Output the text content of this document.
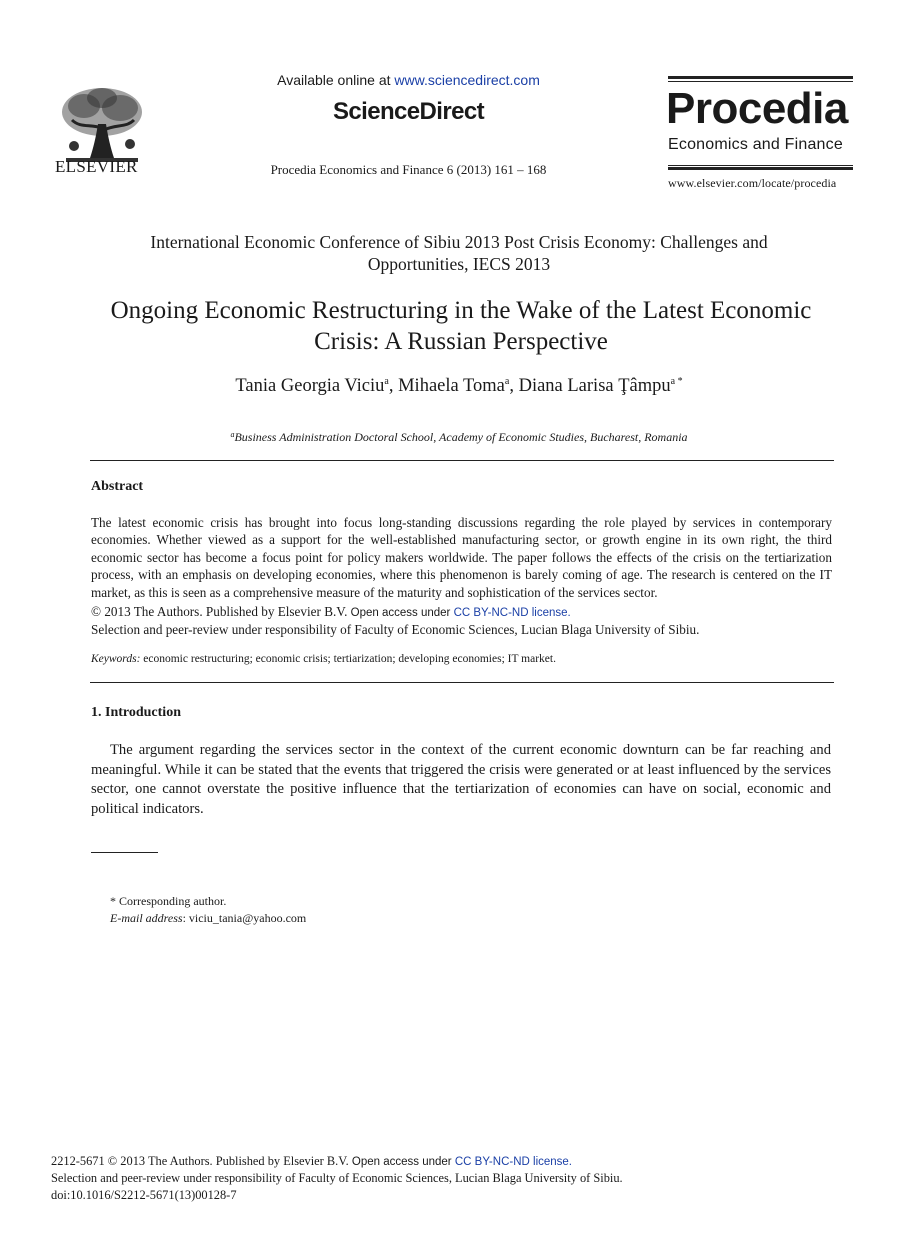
ELSEVIER
Available online at www.sciencedirect.com
ScienceDirect
Procedia Economics and Finance 6 (2013) 161 – 168
Procedia
Economics and Finance
www.elsevier.com/locate/procedia
International Economic Conference of Sibiu 2013 Post Crisis Economy: Challenges and Opportunities, IECS 2013
Ongoing Economic Restructuring in the Wake of the Latest Economic Crisis: A Russian Perspective
Tania Georgia Viciu$^a$, Mihaela Toma$^a$, Diana Larisa Ţâmpu$^{a *}$
$^a$Business Administration Doctoral School, Academy of Economic Studies, Bucharest, Romania
Abstract
The latest economic crisis has brought into focus long-standing discussions regarding the role played by services in contemporary economies. Whether viewed as a support for the well-established manufacturing sector, or growth engine in its own right, the third economic sector has become a focus point for policy makers worldwide. The paper follows the effects of the crisis on the tertiarization process, with an emphasis on developing economies, where this phenomenon is barely coming of age. The research is centered on the IT market, as this is seen as a comprehensive measure of the maturity and sophistication of the services sector.
© 2013 The Authors. Published by Elsevier B.V. Open access under CC BY-NC-ND license.
Selection and peer-review under responsibility of Faculty of Economic Sciences, Lucian Blaga University of Sibiu.
Keywords: economic restructuring; economic crisis; tertiarization; developing economies; IT market.
1. Introduction
The argument regarding the services sector in the context of the current economic downturn can be far reaching and meaningful. While it can be stated that the events that triggered the crisis were generated or at least influenced by the services sector, one cannot overstate the positive influence that the tertiarization of economies can have on social, economic and political indicators.
* Corresponding author.
E-mail address: viciu_tania@yahoo.com
2212-5671 © 2013 The Authors. Published by Elsevier B.V. Open access under CC BY-NC-ND license.
Selection and peer-review under responsibility of Faculty of Economic Sciences, Lucian Blaga University of Sibiu.
doi:10.1016/S2212-5671(13)00128-7
